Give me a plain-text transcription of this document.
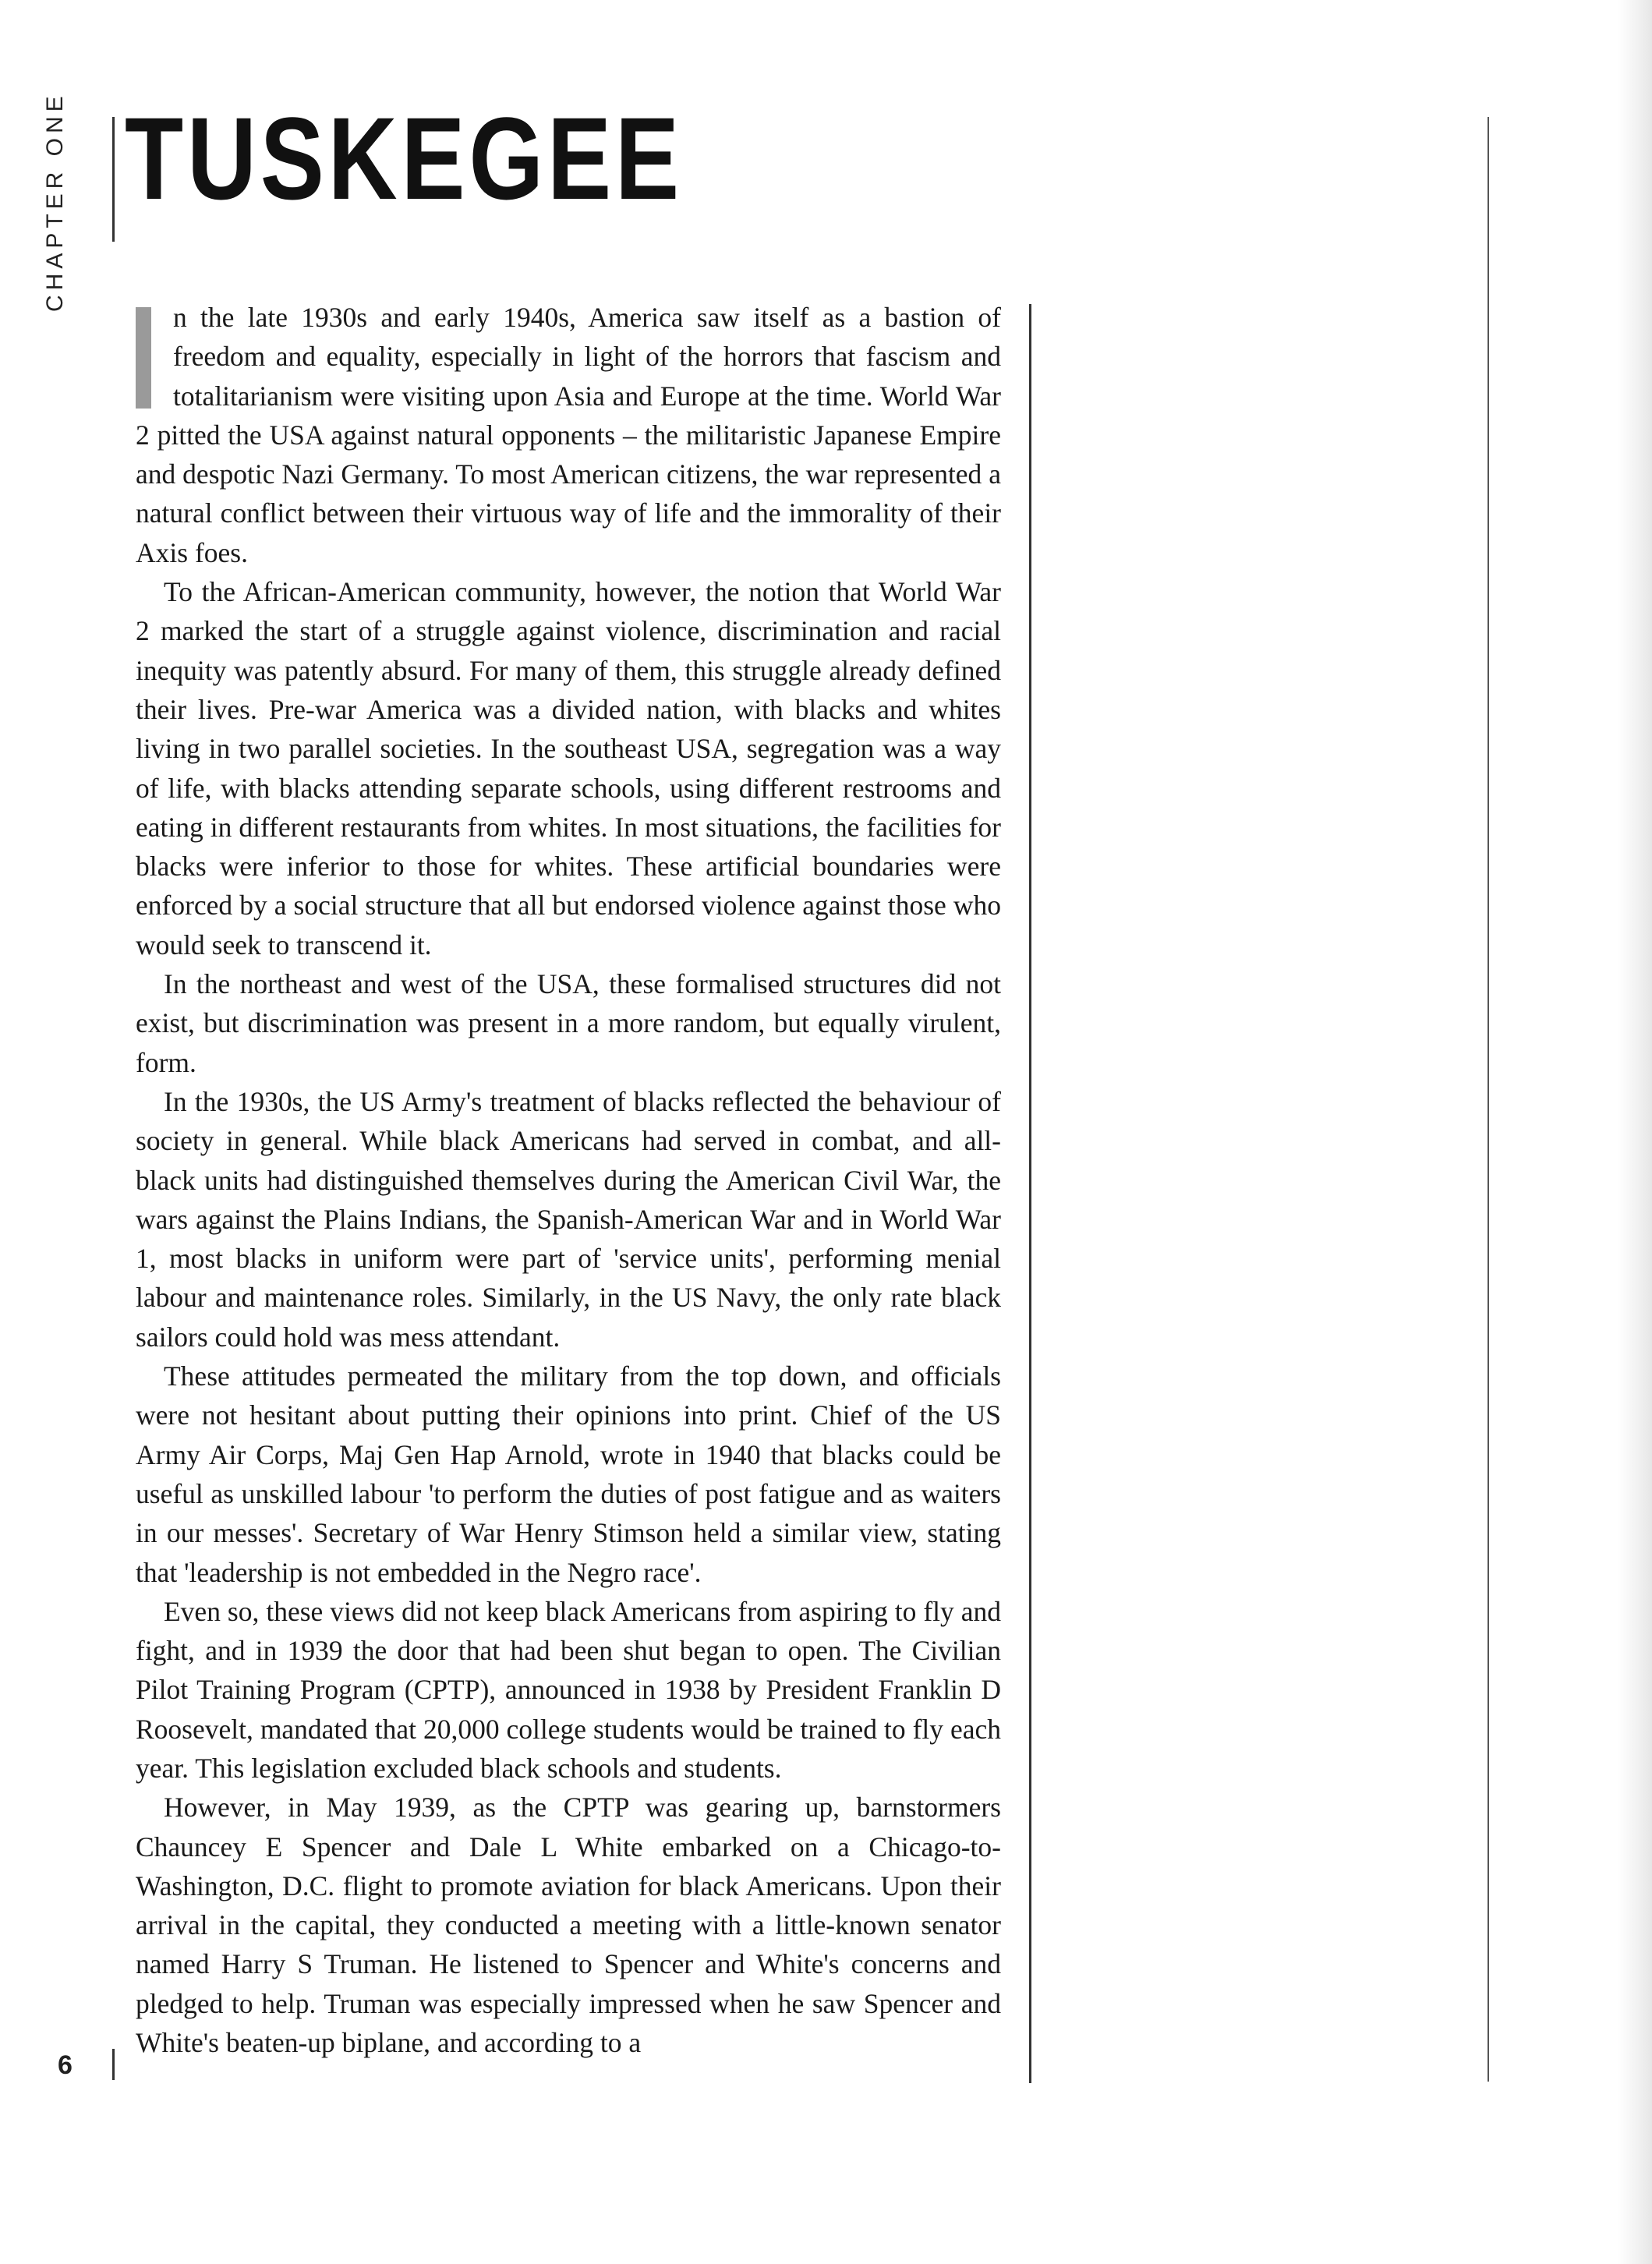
CHAPTER ONE TUSKEGEE

n the late 1930s and early 1940s, America saw itself as a bastion of freedom and equality, especially in light of the horrors that fascism and totalitarianism were visiting upon Asia and Europe at the time. World War 2 pitted the USA against natural opponents – the militaristic Japanese Empire and despotic Nazi Germany. To most American citizens, the war represented a natural conflict between their virtuous way of life and the immorality of their Axis foes.

To the African-American community, however, the notion that World War 2 marked the start of a struggle against violence, discrimination and racial inequity was patently absurd. For many of them, this struggle already defined their lives. Pre-war America was a divided nation, with blacks and whites living in two parallel societies. In the southeast USA, segregation was a way of life, with blacks attending separate schools, using different restrooms and eating in different restaurants from whites. In most situations, the facilities for blacks were inferior to those for whites. These artificial boundaries were enforced by a social structure that all but endorsed violence against those who would seek to transcend it.

In the northeast and west of the USA, these formalised structures did not exist, but discrimination was present in a more random, but equally virulent, form.

In the 1930s, the US Army's treatment of blacks reflected the behaviour of society in general. While black Americans had served in combat, and all-black units had distinguished themselves during the American Civil War, the wars against the Plains Indians, the Spanish-American War and in World War 1, most blacks in uniform were part of 'service units', performing menial labour and maintenance roles. Similarly, in the US Navy, the only rate black sailors could hold was mess attendant.

These attitudes permeated the military from the top down, and officials were not hesitant about putting their opinions into print. Chief of the US Army Air Corps, Maj Gen Hap Arnold, wrote in 1940 that blacks could be useful as unskilled labour 'to perform the duties of post fatigue and as waiters in our messes'. Secretary of War Henry Stimson held a similar view, stating that 'leadership is not embedded in the Negro race'.

Even so, these views did not keep black Americans from aspiring to fly and fight, and in 1939 the door that had been shut began to open. The Civilian Pilot Training Program (CPTP), announced in 1938 by President Franklin D Roosevelt, mandated that 20,000 college students would be trained to fly each year. This legislation excluded black schools and students.

However, in May 1939, as the CPTP was gearing up, barnstormers Chauncey E Spencer and Dale L White embarked on a Chicago-to-Washington, D.C. flight to promote aviation for black Americans. Upon their arrival in the capital, they conducted a meeting with a little-known senator named Harry S Truman. He listened to Spencer and White's concerns and pledged to help. Truman was especially impressed when he saw Spencer and White's beaten-up biplane, and according to a

6
